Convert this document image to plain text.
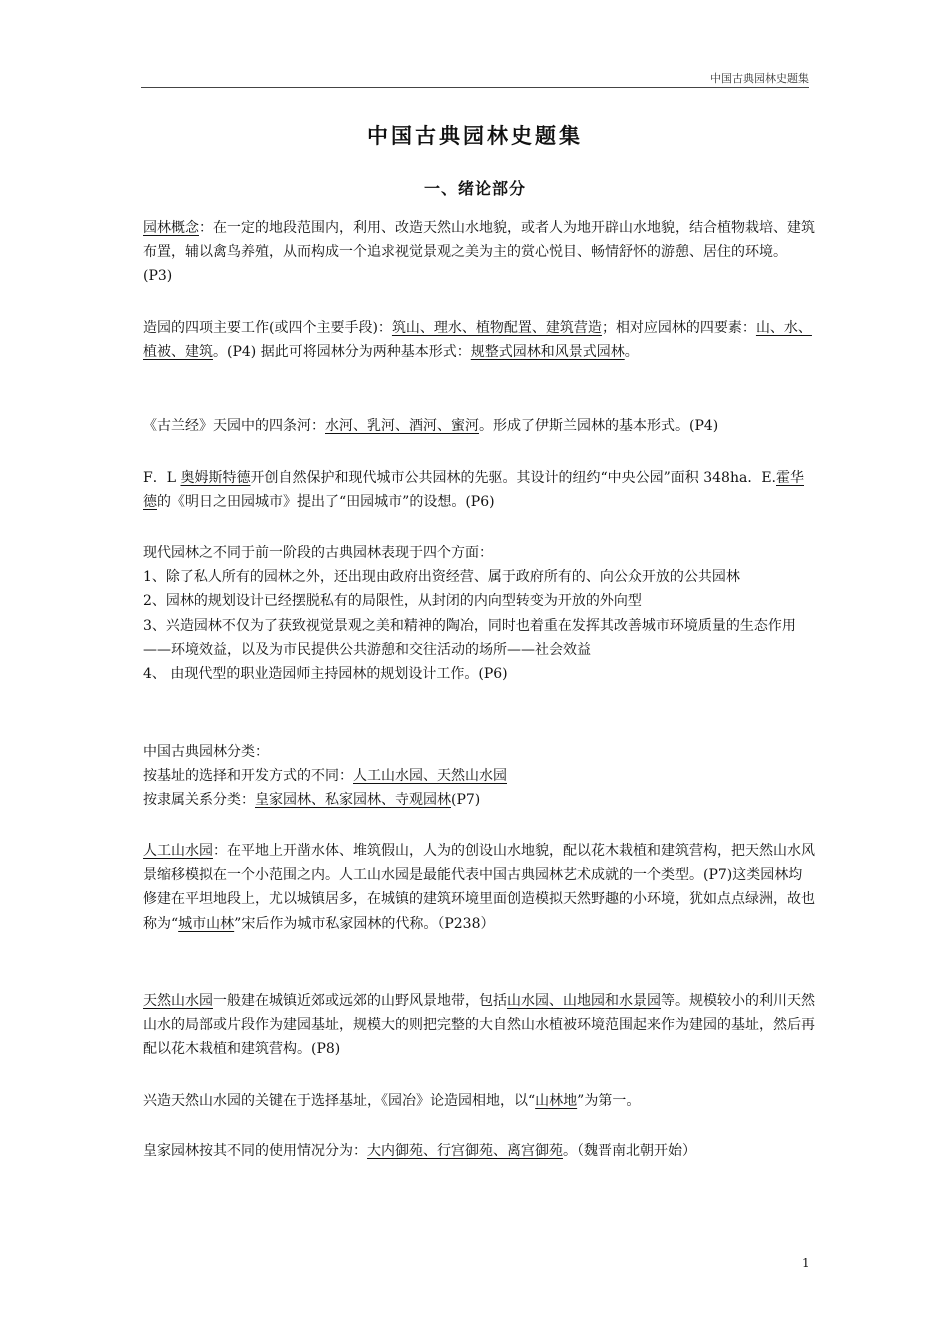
中国古典园林史题集
中国古典园林史题集
一、绪论部分
园林概念：在一定的地段范围内，利用、改造天然山水地貌，或者人为地开辟山水地貌，结合植物栽培、建筑布置，辅以禽鸟养殖，从而构成一个追求视觉景观之美为主的赏心悦目、畅情舒怀的游憩、居住的环境。(P3)
造园的四项主要工作(或四个主要手段)：筑山、理水、植物配置、建筑营造；相对应园林的四要素：山、水、植被、建筑。(P4) 据此可将园林分为两种基本形式：规整式园林和风景式园林。
《古兰经》天园中的四条河：水河、乳河、酒河、蜜河。形成了伊斯兰园林的基本形式。(P4)
F．L 奥姆斯特德开创自然保护和现代城市公共园林的先驱。其设计的纽约“中央公园”面积 348ha．E.霍华德的《明日之田园城市》提出了“田园城市”的设想。(P6)
现代园林之不同于前一阶段的古典园林表现于四个方面：
1、除了私人所有的园林之外，还出现由政府出资经营、属于政府所有的、向公众开放的公共园林
2、园林的规划设计已经摆脱私有的局限性，从封闭的内向型转变为开放的外向型
3、兴造园林不仅为了获致视觉景观之美和精神的陶冶，同时也着重在发挥其改善城市环境质量的生态作用——环境效益，以及为市民提供公共游憩和交往活动的场所——社会效益
4、 由现代型的职业造园师主持园林的规划设计工作。(P6)
中国古典园林分类：
按基址的选择和开发方式的不同：人工山水园、天然山水园
按隶属关系分类：皇家园林、私家园林、寺观园林(P7)
人工山水园：在平地上开凿水体、堆筑假山，人为的创设山水地貌，配以花木栽植和建筑营构，把天然山水风景缩移模拟在一个小范围之内。人工山水园是最能代表中国古典园林艺术成就的一个类型。(P7)这类园林均修建在平坦地段上，尤以城镇居多，在城镇的建筑环境里面创造模拟天然野趣的小环境，犹如点点绿洲，故也称为“城市山林”宋后作为城市私家园林的代称。（P238）
天然山水园一般建在城镇近郊或远郊的山野风景地带，包括山水园、山地园和水景园等。规模较小的利川天然山水的局部或片段作为建园基址，规模大的则把完整的大自然山水植被环境范围起来作为建园的基址，然后再配以花木栽植和建筑营构。(P8)
兴造天然山水园的关键在于选择基址，《园冶》论造园相地，以“山林地”为第一。
皇家园林按其不同的使用情况分为：大内御苑、行宫御苑、离宫御苑。（魏晋南北朝开始）
1
